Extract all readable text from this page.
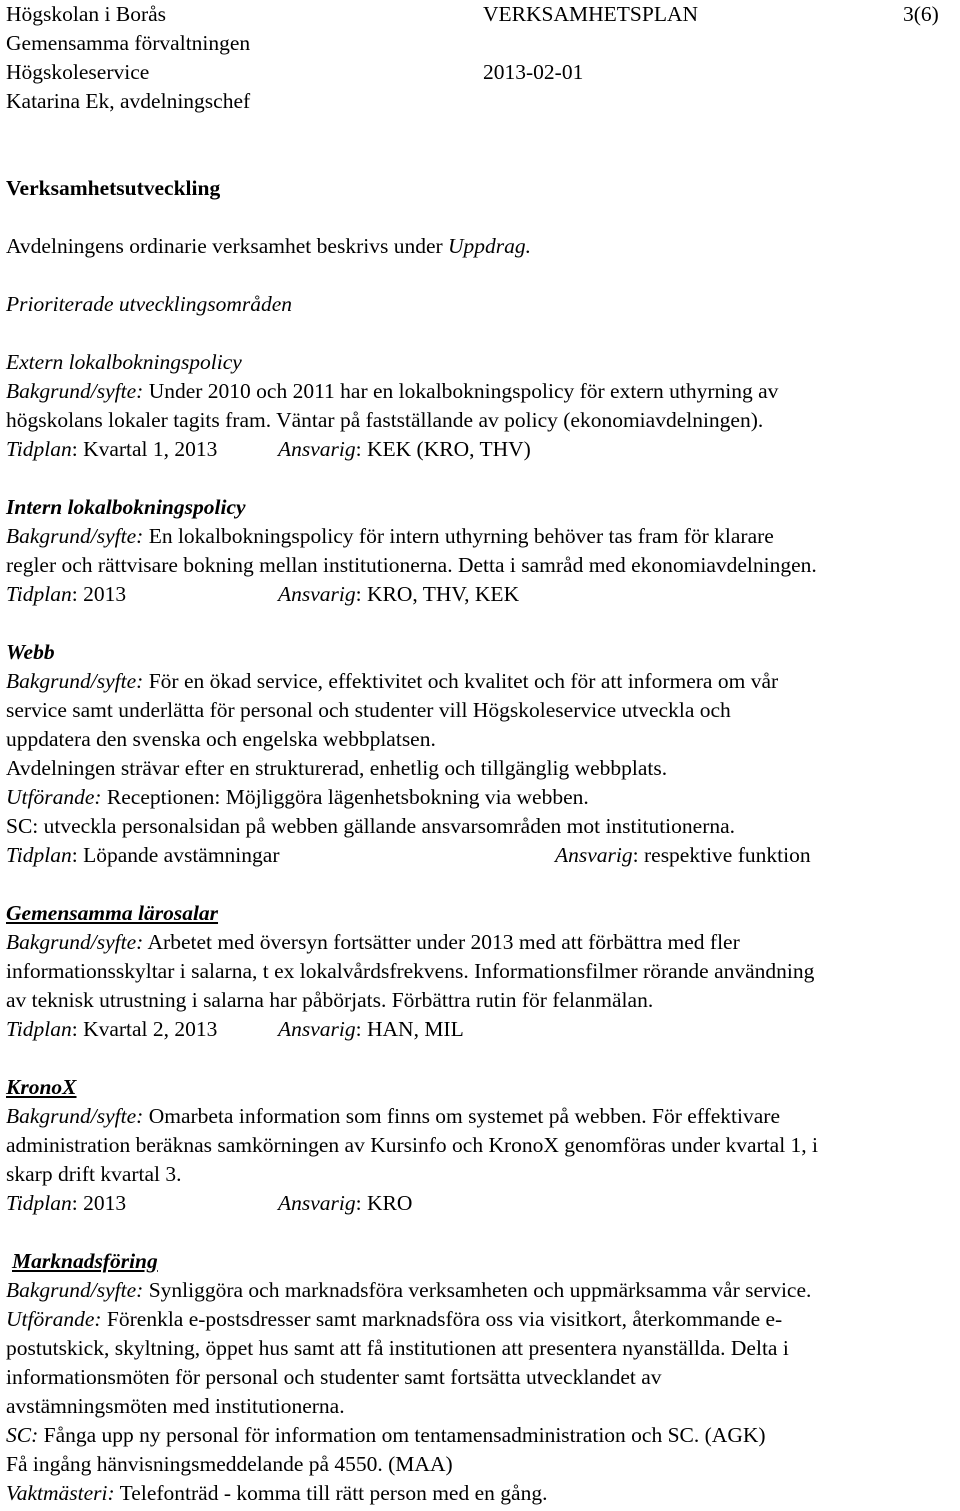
Högskolan i Borås	VERKSAMHETSPLAN	3(6)
Gemensamma förvaltningen
Högskoleservice	2013-02-01
Katarina Ek, avdelningschef
Verksamhetsutveckling
Avdelningens ordinarie verksamhet beskrivs under Uppdrag.
Prioriterade utvecklingsområden
Extern lokalbokningspolicy
Bakgrund/syfte: Under 2010 och 2011 har en lokalbokningspolicy för extern uthyrning av
högskolans lokaler tagits fram. Väntar på fastställande av policy (ekonomiavdelningen).
Tidplan: Kvartal 1, 2013	Ansvarig: KEK (KRO, THV)
Intern lokalbokningspolicy
Bakgrund/syfte: En lokalbokningspolicy för intern uthyrning behöver tas fram för klarare
regler och rättvisare bokning mellan institutionerna. Detta i samråd med ekonomiavdelningen.
Tidplan: 2013	Ansvarig: KRO, THV, KEK
Webb
Bakgrund/syfte: För en ökad service, effektivitet och kvalitet och för att informera om vår
service samt underlätta för personal och studenter vill Högskoleservice utveckla och
uppdatera den svenska och engelska webbplatsen.
Avdelningen strävar efter en strukturerad, enhetlig och tillgänglig webbplats.
Utförande: Receptionen: Möjliggöra lägenhetsbokning via webben.
SC: utveckla personalsidan på webben gällande ansvarsområden mot institutionerna.
Tidplan: Löpande avstämningar	Ansvarig: respektive funktion
Gemensamma lärosalar
Bakgrund/syfte: Arbetet med översyn fortsätter under 2013 med att förbättra med fler
informationsskyltar i salarna, t ex lokalvårdsfrekvens. Informationsfilmer rörande användning
av teknisk utrustning i salarna har påbörjats. Förbättra rutin för felanmälan.
Tidplan: Kvartal 2, 2013	Ansvarig: HAN, MIL
KronoX
Bakgrund/syfte: Omarbeta information som finns om systemet på webben. För effektivare
administration beräknas samkörningen av Kursinfo och KronoX genomföras under kvartal 1, i
skarp drift kvartal 3.
Tidplan: 2013	Ansvarig: KRO
Marknadsföring
Bakgrund/syfte: Synliggöra och marknadsföra verksamheten och uppmärksamma vår service.
Utförande: Förenkla e-postsdresser samt marknadsföra oss via visitkort, återkommande e-
postutskick, skyltning, öppet hus samt att få institutionen att presentera nyanställda. Delta i
informationsmöten för personal och studenter samt fortsätta utvecklandet av
avstämningsmöten med institutionerna.
SC: Fånga upp ny personal för information om tentamensadministration och SC. (AGK)
Få ingång hänvisningsmeddelande på 4550. (MAA)
Vaktmästeri: Telefonträd - komma till rätt person med en gång.
